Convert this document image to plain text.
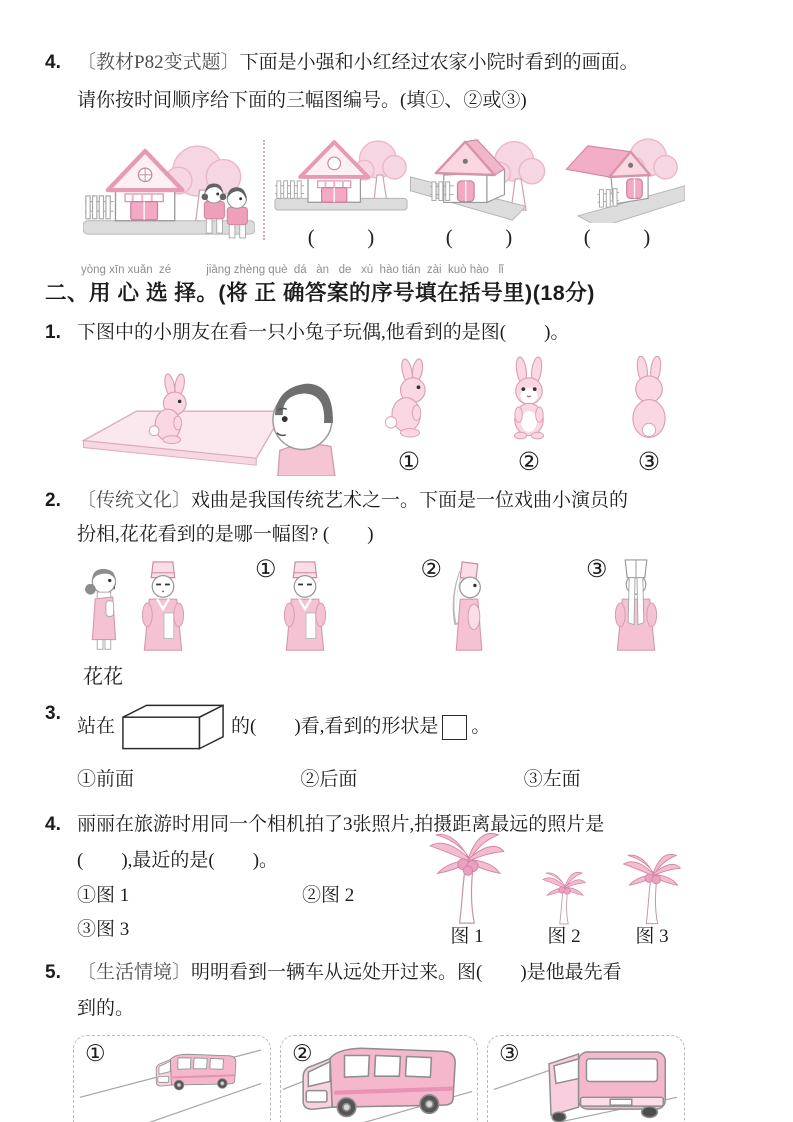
4. 〔教材P82变式题〕下面是小强和小红经过农家小院时看到的画面。
请你按时间顺序给下面的三幅图编号。(填①、②或③)
(          )	(          )	(          )
yòng xīn xuǎn  zé           jiāng zhèng què  dá   àn   de   xù  hào tián  zài  kuò hào   lǐ
二、用 心 选 择。(将 正 确答案的序号填在括号里)(18分)
1. 下图中的小朋友在看一只小兔子玩偶,他看到的是图(        )。
①	②	③
2. 〔传统文化〕戏曲是我国传统艺术之一。下面是一位戏曲小演员的
扮相,花花看到的是哪一幅图? (        )
花花
①	②	③
3.
站在	的(        )看,看到的形状是 。
①前面	②后面	③左面
4. 丽丽在旅游时用同一个相机拍了3张照片,拍摄距离最远的照片是
(        ),最近的是(        )。
①图 1	②图 2
③图 3	图 1	图 2	图 3
5. 〔生活情境〕明明看到一辆车从远处开过来。图(        )是他最先看
到的。
①	②	③
